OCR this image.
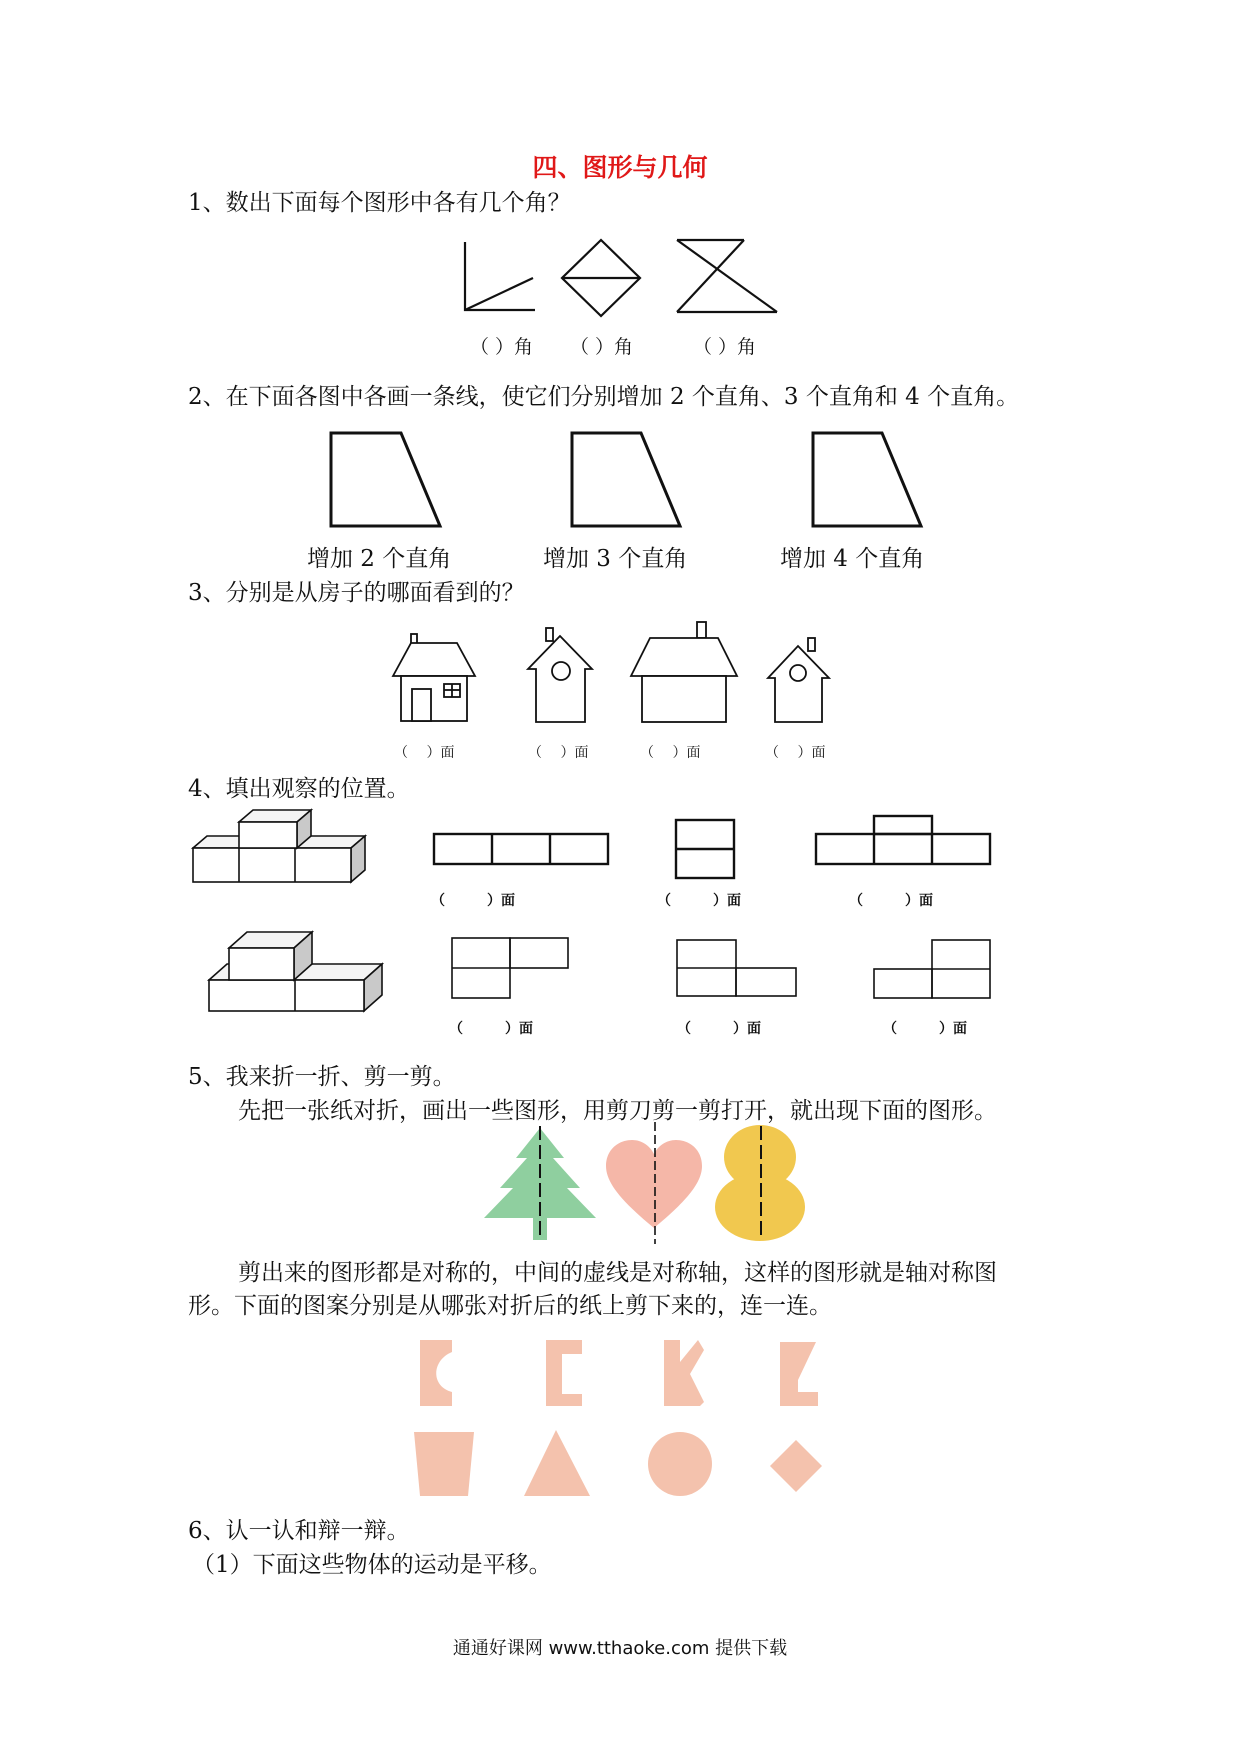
四、图形与几何
1、数出下面每个图形中各有几个角？
（ ）角 （ ）角	（ ）角
2、在下面各图中各画一条线，使它们分别增加 2 个直角、3 个直角和 4 个直角。
增加 2 个直角	增加 3 个直角	增加 4 个直角
3、分别是从房子的哪面看到的？
（　 ）面	（　 ）面	（　 ）面	（　 ）面
4、填出观察的位置。
（　　　）面	（　　　）面	（　　　）面
（　　　）面	（　　　）面	（　　　）面
5、我来折一折、剪一剪。
先把一张纸对折，画出一些图形，用剪刀剪一剪打开，就出现下面的图形。
剪出来的图形都是对称的，中间的虚线是对称轴，这样的图形就是轴对称图
形。下面的图案分别是从哪张对折后的纸上剪下来的，连一连。
6、认一认和辩一辩。
（1）下面这些物体的运动是平移。
通通好课网 www.tthaoke.com 提供下载
